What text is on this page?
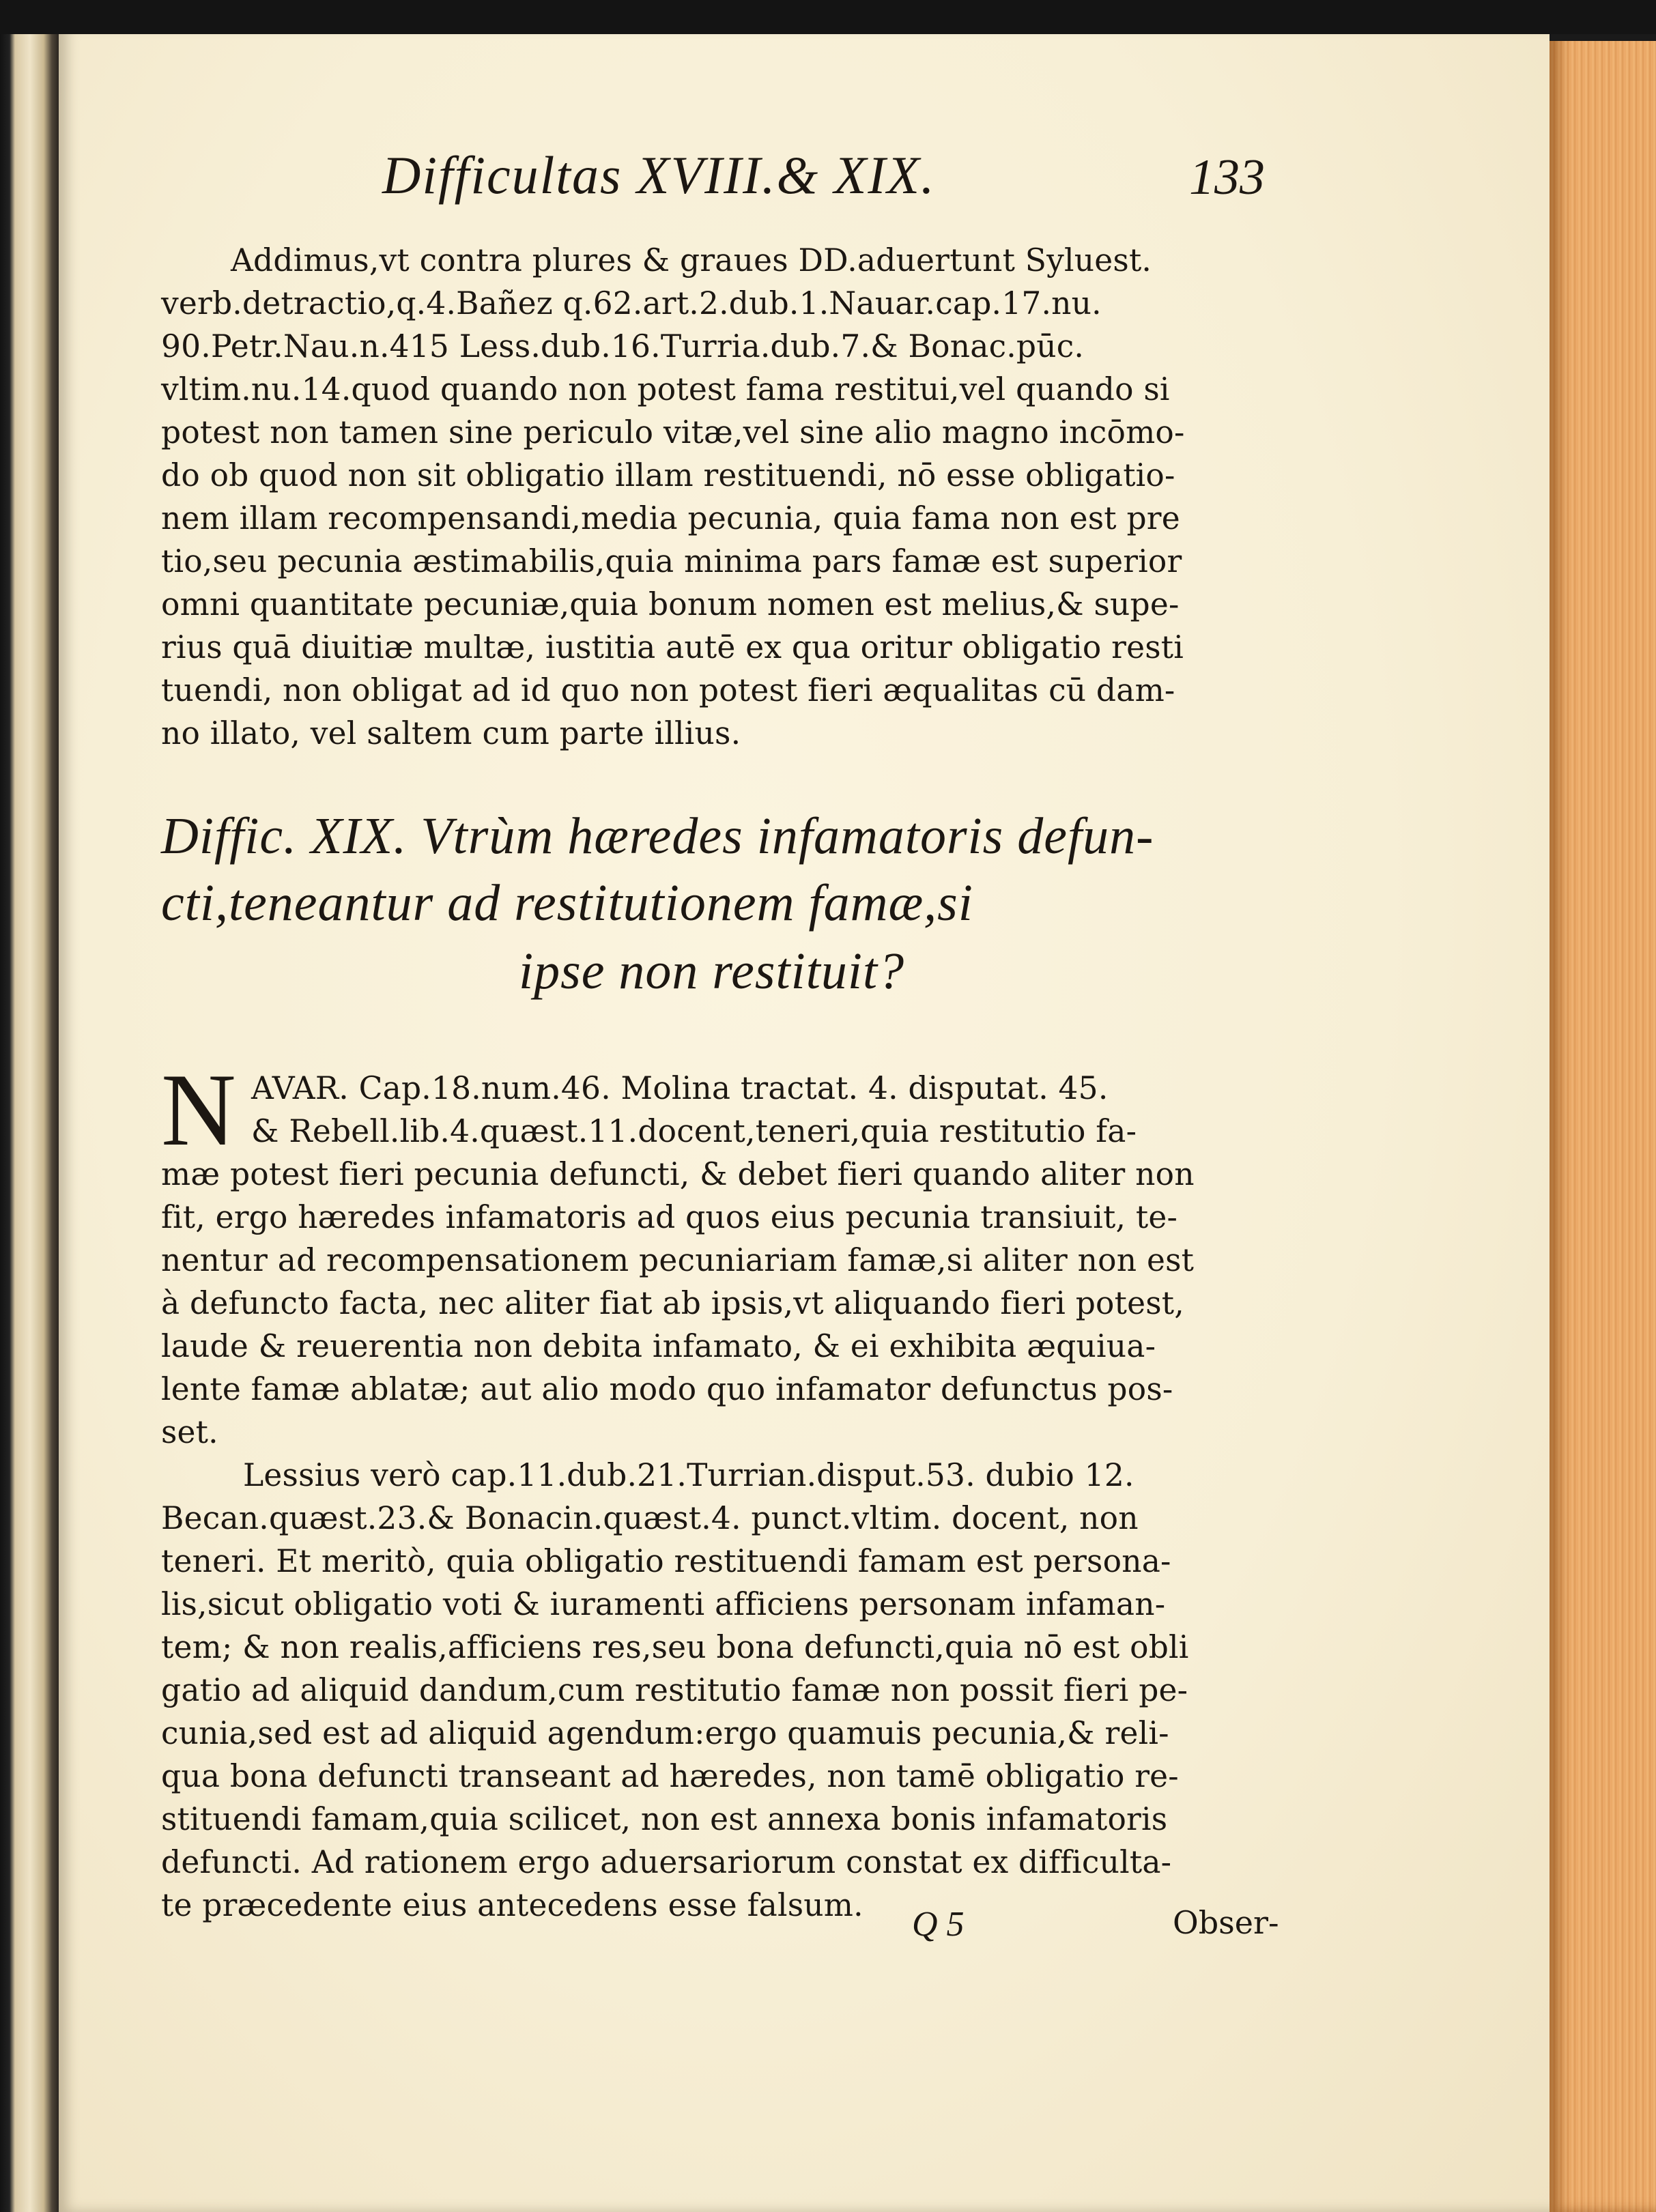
Difficultas XVIII.& XIX.	133
Addimus,vt contra plures & graues DD.aduertunt Syluest.
verb.detractio,q.4.Bañez q.62.art.2.dub.1.Nauar.cap.17.nu.
90.Petr.Nau.n.415 Less.dub.16.Turria.dub.7.& Bonac.pūc.
vltim.nu.14.quod quando non potest fama restitui,vel quando si
potest non tamen sine periculo vitæ,vel sine alio magno incōmo-
do ob quod non sit obligatio illam restituendi, nō esse obligatio-
nem illam recompensandi,media pecunia, quia fama non est pre
tio,seu pecunia æstimabilis,quia minima pars famæ est superior
omni quantitate pecuniæ,quia bonum nomen est melius,& supe-
rius quā diuitiæ multæ, iustitia autē ex qua oritur obligatio resti
tuendi, non obligat ad id quo non potest fieri æqualitas cū dam-
no illato, vel saltem cum parte illius.
Diffic. XIX. Vtrùm hæredes infamatoris defun-
cti,teneantur ad restitutionem famæ,si
ipse non restituit?
N AVAR. Cap.18.num.46. Molina tractat. 4. disputat. 45.
& Rebell.lib.4.quæst.11.docent,teneri,quia restitutio fa-
mæ potest fieri pecunia defuncti, & debet fieri quando aliter non
fit, ergo hæredes infamatoris ad quos eius pecunia transiuit, te-
nentur ad recompensationem pecuniariam famæ,si aliter non est
à defuncto facta, nec aliter fiat ab ipsis,vt aliquando fieri potest,
laude & reuerentia non debita infamato, & ei exhibita æquiua-
lente famæ ablatæ; aut alio modo quo infamator defunctus pos-
set.
Lessius verò cap.11.dub.21.Turrian.disput.53. dubio 12.
Becan.quæst.23.& Bonacin.quæst.4. punct.vltim. docent, non
teneri. Et meritò, quia obligatio restituendi famam est persona-
lis,sicut obligatio voti & iuramenti afficiens personam infaman-
tem; & non realis,afficiens res,seu bona defuncti,quia nō est obli
gatio ad aliquid dandum,cum restitutio famæ non possit fieri pe-
cunia,sed est ad aliquid agendum:ergo quamuis pecunia,& reli-
qua bona defuncti transeant ad hæredes, non tamē obligatio re-
stituendi famam,quia scilicet, non est annexa bonis infamatoris
defuncti. Ad rationem ergo aduersariorum constat ex difficulta-
te præcedente eius antecedens esse falsum. Q 5	Obser-
